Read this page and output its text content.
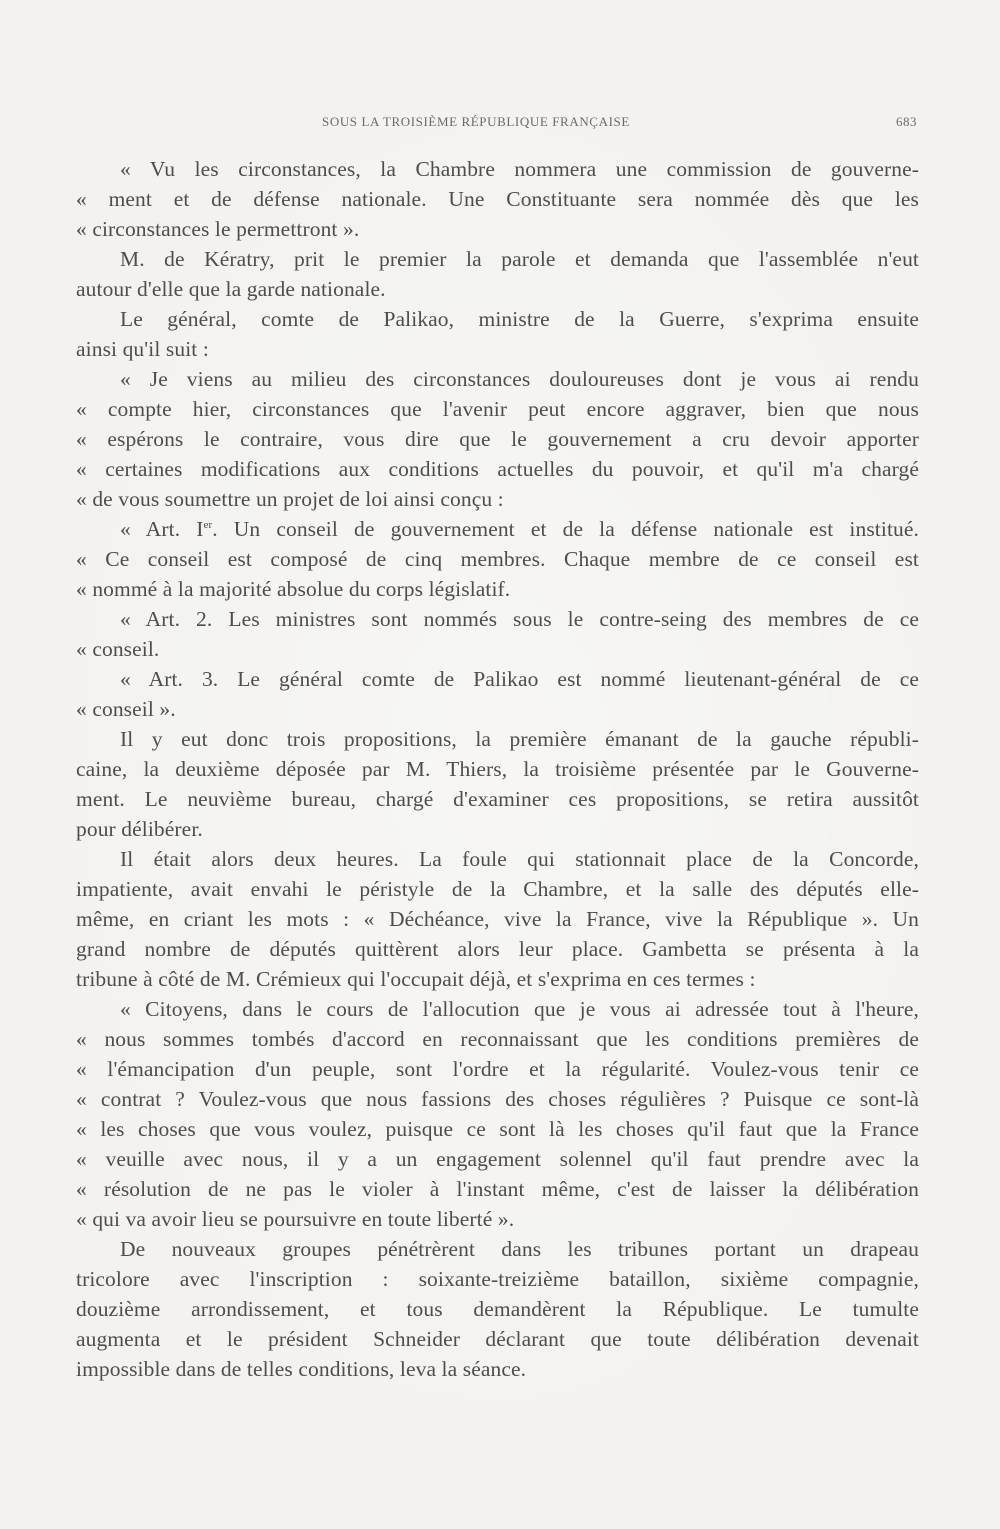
SOUS LA TROISIÈME RÉPUBLIQUE FRANÇAISE	683
« Vu les circonstances, la Chambre nommera une commission de gouverne-
« ment et de défense nationale. Une Constituante sera nommée dès que les
« circonstances le permettront ».
M. de Kératry, prit le premier la parole et demanda que l'assemblée n'eut
autour d'elle que la garde nationale.
Le général, comte de Palikao, ministre de la Guerre, s'exprima ensuite
ainsi qu'il suit :
« Je viens au milieu des circonstances douloureuses dont je vous ai rendu
« compte hier, circonstances que l'avenir peut encore aggraver, bien que nous
« espérons le contraire, vous dire que le gouvernement a cru devoir apporter
« certaines modifications aux conditions actuelles du pouvoir, et qu'il m'a chargé
« de vous soumettre un projet de loi ainsi conçu :
« Art. Ier. Un conseil de gouvernement et de la défense nationale est institué.
« Ce conseil est composé de cinq membres. Chaque membre de ce conseil est
« nommé à la majorité absolue du corps législatif.
« Art. 2. Les ministres sont nommés sous le contre-seing des membres de ce
« conseil.
« Art. 3. Le général comte de Palikao est nommé lieutenant-général de ce
« conseil ».
Il y eut donc trois propositions, la première émanant de la gauche républi-
caine, la deuxième déposée par M. Thiers, la troisième présentée par le Gouverne-
ment. Le neuvième bureau, chargé d'examiner ces propositions, se retira aussitôt
pour délibérer.
Il était alors deux heures. La foule qui stationnait place de la Concorde,
impatiente, avait envahi le péristyle de la Chambre, et la salle des députés elle-
même, en criant les mots : « Déchéance, vive la France, vive la République ». Un
grand nombre de députés quittèrent alors leur place. Gambetta se présenta à la
tribune à côté de M. Crémieux qui l'occupait déjà, et s'exprima en ces termes :
« Citoyens, dans le cours de l'allocution que je vous ai adressée tout à l'heure,
« nous sommes tombés d'accord en reconnaissant que les conditions premières de
« l'émancipation d'un peuple, sont l'ordre et la régularité. Voulez-vous tenir ce
« contrat ? Voulez-vous que nous fassions des choses régulières ? Puisque ce sont-là
« les choses que vous voulez, puisque ce sont là les choses qu'il faut que la France
« veuille avec nous, il y a un engagement solennel qu'il faut prendre avec la
« résolution de ne pas le violer à l'instant même, c'est de laisser la délibération
« qui va avoir lieu se poursuivre en toute liberté ».
De nouveaux groupes pénétrèrent dans les tribunes portant un drapeau
tricolore avec l'inscription : soixante-treizième bataillon, sixième compagnie,
douzième arrondissement, et tous demandèrent la République. Le tumulte
augmenta et le président Schneider déclarant que toute délibération devenait
impossible dans de telles conditions, leva la séance.
